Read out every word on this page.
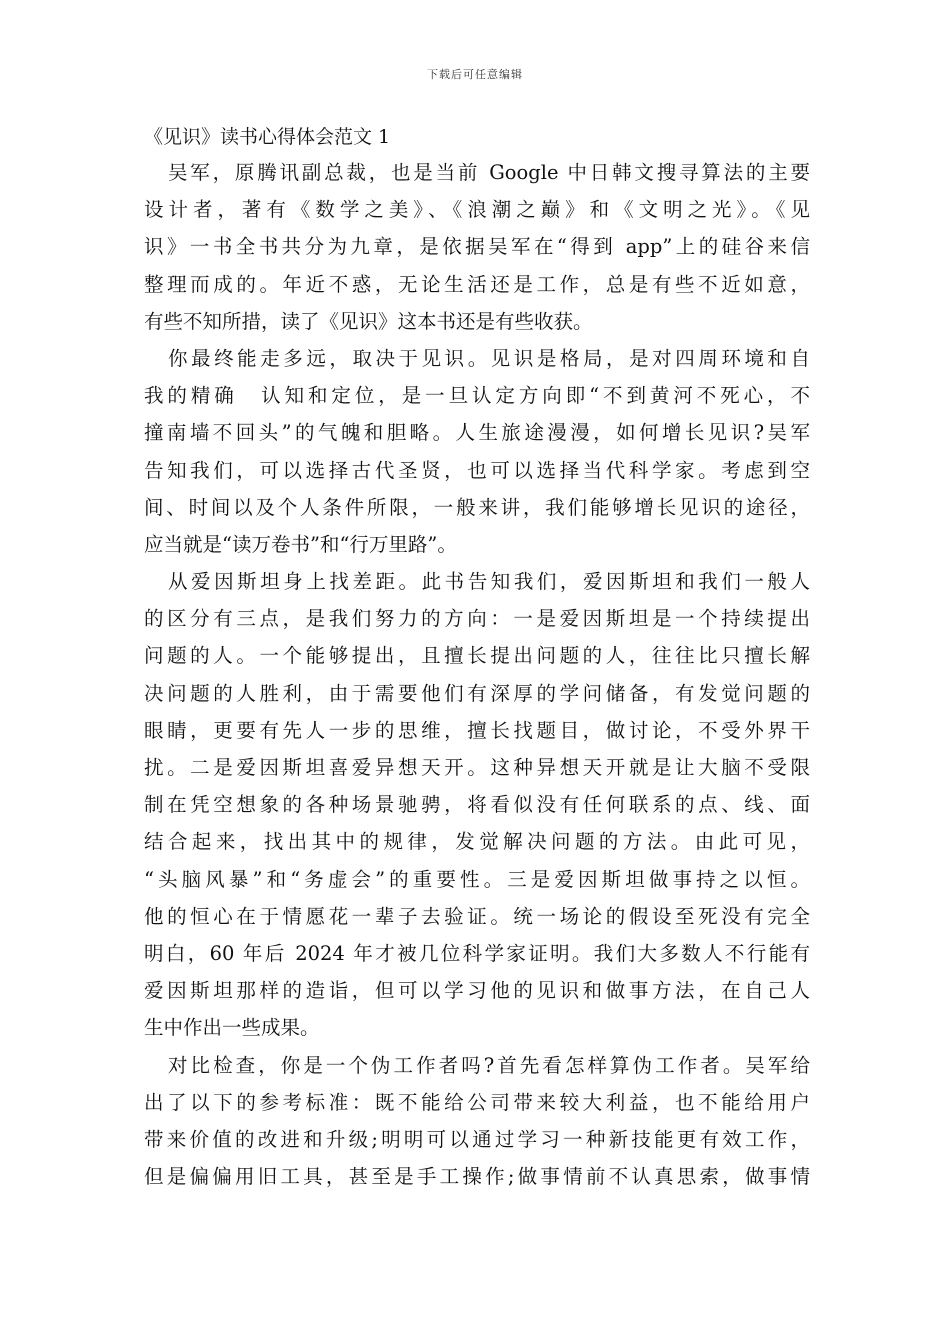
下载后可任意编辑
《见识》读书心得体会范文 1
吴军，原腾讯副总裁，也是当前 Google 中日韩文搜寻算法的主要
设计者，著有《数学之美》、《浪潮之巅》和《文明之光》。《见
识》一书全书共分为九章，是依据吴军在“得到 app”上的硅谷来信
整理而成的。年近不惑，无论生活还是工作，总是有些不近如意，
有些不知所措，读了《见识》这本书还是有些收获。
你最终能走多远，取决于见识。见识是格局，是对四周环境和自
我的精确　认知和定位，是一旦认定方向即“不到黄河不死心，不
撞南墙不回头”的气魄和胆略。人生旅途漫漫，如何增长见识?吴军
告知我们，可以选择古代圣贤，也可以选择当代科学家。考虑到空
间、时间以及个人条件所限，一般来讲，我们能够增长见识的途径，
应当就是“读万卷书”和“行万里路”。
从爱因斯坦身上找差距。此书告知我们，爱因斯坦和我们一般人
的区分有三点，是我们努力的方向：一是爱因斯坦是一个持续提出
问题的人。一个能够提出，且擅长提出问题的人，往往比只擅长解
决问题的人胜利，由于需要他们有深厚的学问储备，有发觉问题的
眼睛，更要有先人一步的思维，擅长找题目，做讨论，不受外界干
扰。二是爱因斯坦喜爱异想天开。这种异想天开就是让大脑不受限
制在凭空想象的各种场景驰骋，将看似没有任何联系的点、线、面
结合起来，找出其中的规律，发觉解决问题的方法。由此可见，
“头脑风暴”和“务虚会”的重要性。三是爱因斯坦做事持之以恒。
他的恒心在于情愿花一辈子去验证。统一场论的假设至死没有完全
明白，60 年后 2024 年才被几位科学家证明。我们大多数人不行能有
爱因斯坦那样的造诣，但可以学习他的见识和做事方法，在自己人
生中作出一些成果。
对比检查，你是一个伪工作者吗?首先看怎样算伪工作者。吴军给
出了以下的参考标准：既不能给公司带来较大利益，也不能给用户
带来价值的改进和升级;明明可以通过学习一种新技能更有效工作，
但是偏偏用旧工具，甚至是手工操作;做事情前不认真思索，做事情
